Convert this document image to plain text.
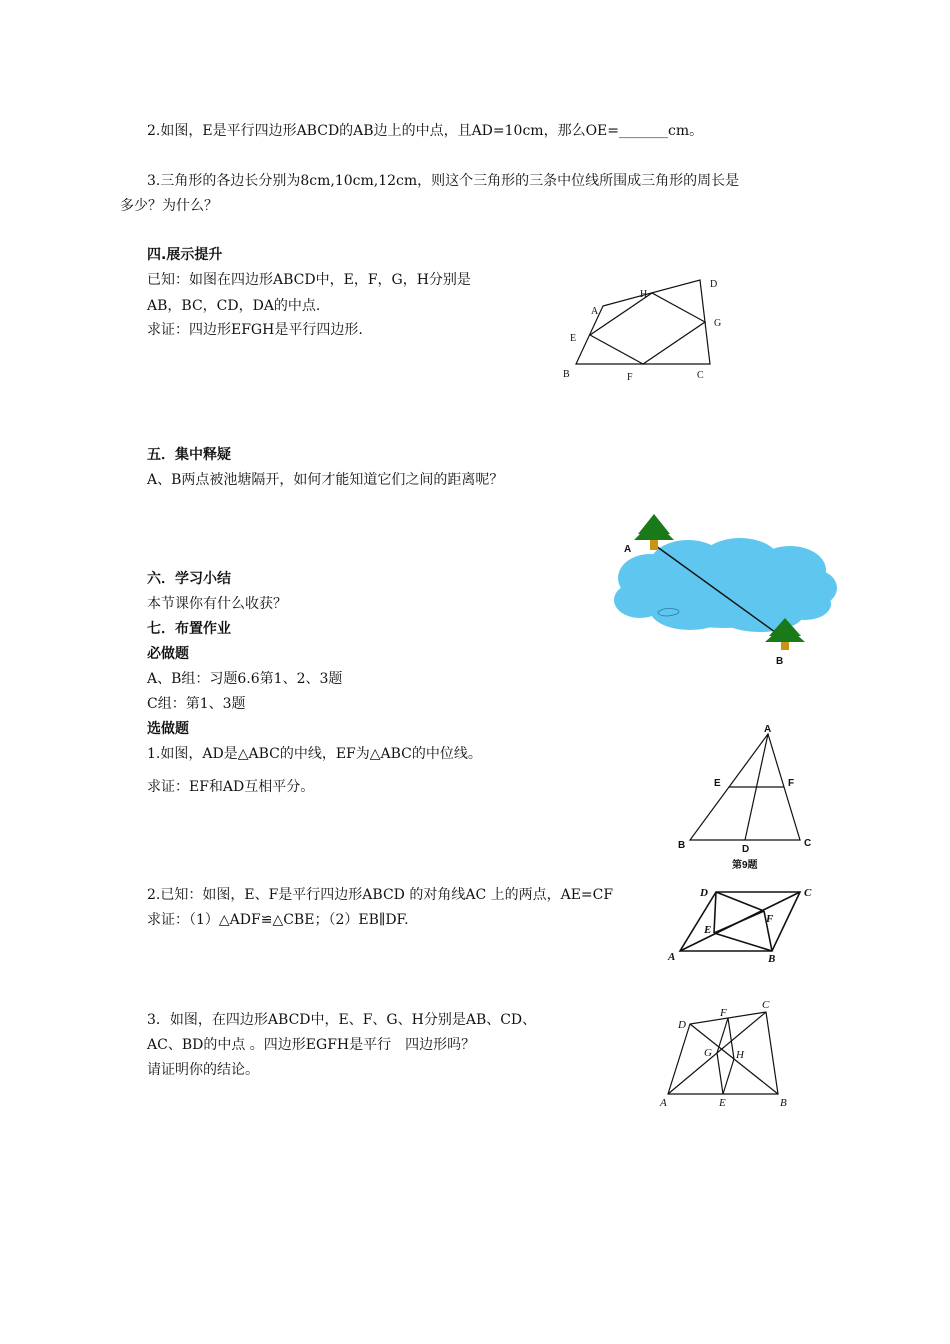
2.如图，E是平行四边形ABCD的AB边上的中点，且AD=10cm，那么OE=_______cm。
3.三角形的各边长分别为8cm,10cm,12cm，则这个三角形的三条中位线所围成三角形的周长是
多少？为什么？
四.展示提升
已知：如图在四边形ABCD中，E，F，G，H分别是
AB，BC，CD，DA的中点.
求证：四边形EFGH是平行四边形.
A
B	C
D
E
F
G
H
五．集中释疑
A、B两点被池塘隔开，如何才能知道它们之间的距离呢？
A
B
六．学习小结
本节课你有什么收获？
七．布置作业
必做题
A、B组：习题6.6第1、2、3题
C组：第1、3题
选做题
1.如图，AD是△ABC的中线，EF为△ABC的中位线。
求证：EF和AD互相平分。
A
B	C
D
E	F
第9题
2.已知：如图，E、F是平行四边形ABCD 的对角线AC 上的两点，AE=CF
求证：（1）△ADF≌△CBE；（2）EB∥DF.
D	C
F
E
A	B
3．如图，在四边形ABCD中，E、F、G、H分别是AB、CD、
AC、BD的中点 。四边形EGFH是平行　四边形吗？
请证明你的结论。
A	E	B
D
F
C
G H
